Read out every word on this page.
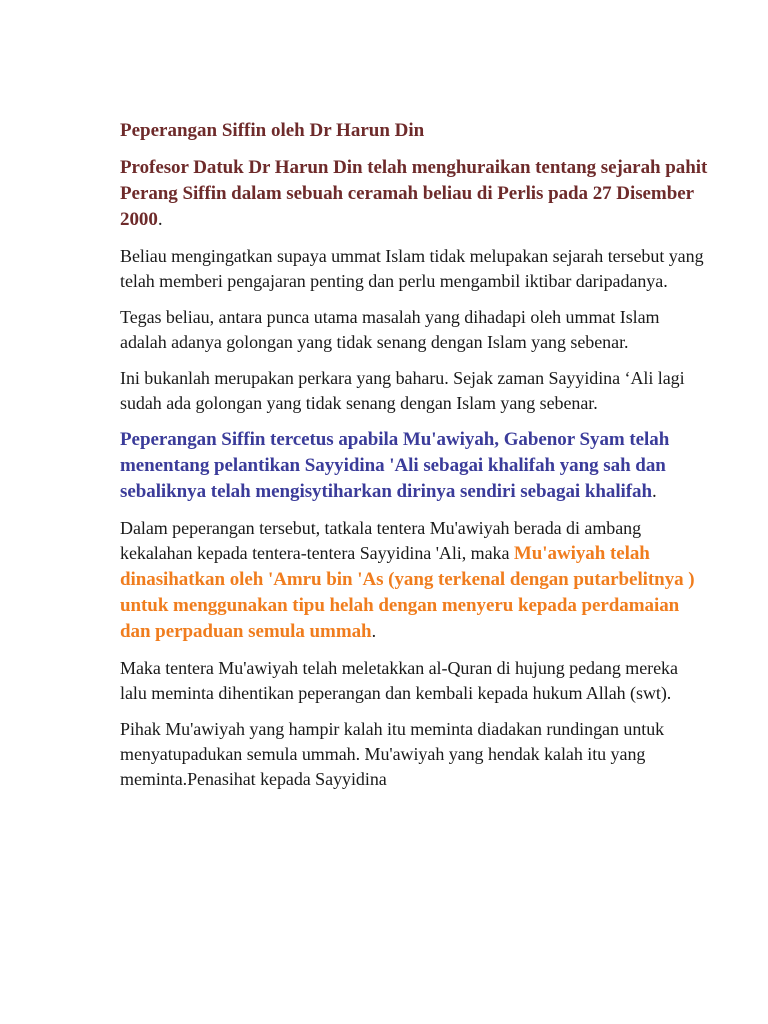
Peperangan Siffin oleh Dr Harun Din

Profesor Datuk Dr Harun Din telah menghuraikan tentang sejarah pahit Perang Siffin dalam sebuah ceramah beliau di Perlis pada 27 Disember 2000.

Beliau mengingatkan supaya ummat Islam tidak melupakan sejarah tersebut yang telah memberi pengajaran penting dan perlu mengambil iktibar daripadanya.

Tegas beliau, antara punca utama masalah yang dihadapi oleh ummat Islam adalah adanya golongan yang tidak senang dengan Islam yang sebenar.

Ini bukanlah merupakan perkara yang baharu. Sejak zaman Sayyidina ‘Ali lagi sudah ada golongan yang tidak senang dengan Islam yang sebenar.

Peperangan Siffin tercetus apabila Mu'awiyah, Gabenor Syam telah menentang pelantikan Sayyidina 'Ali sebagai khalifah yang sah dan sebaliknya telah mengisytiharkan dirinya sendiri sebagai khalifah.

Dalam peperangan tersebut, tatkala tentera Mu'awiyah berada di ambang kekalahan kepada tentera-tentera Sayyidina 'Ali, maka Mu'awiyah telah dinasihatkan oleh 'Amru bin 'As (yang terkenal dengan putarbelitnya ) untuk menggunakan tipu helah dengan menyeru kepada perdamaian dan perpaduan semula ummah.

Maka tentera Mu'awiyah telah meletakkan al-Quran di hujung pedang mereka lalu meminta dihentikan peperangan dan kembali kepada hukum Allah (swt).

Pihak Mu'awiyah yang hampir kalah itu meminta diadakan rundingan untuk menyatupadukan semula ummah. Mu'awiyah yang hendak kalah itu yang meminta.Penasihat kepada Sayyidina
